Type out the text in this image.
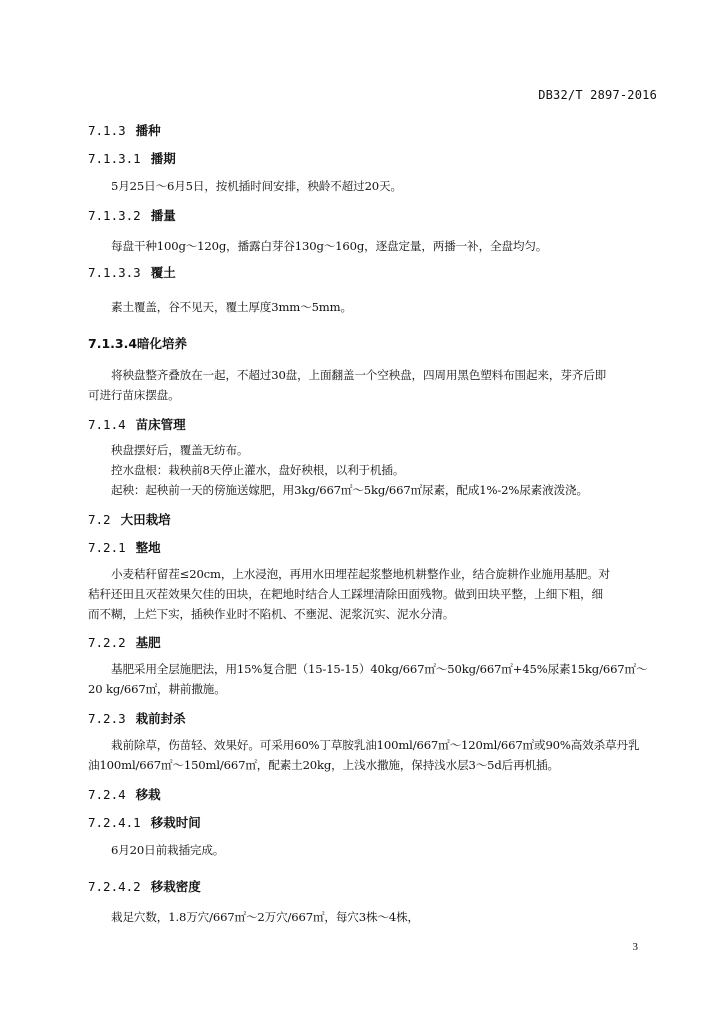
DB32/T 2897-2016
7.1.3 播种
7.1.3.1 播期
5月25日～6月5日，按机插时间安排，秧龄不超过20天。
7.1.3.2 播量
每盘干种100g～120g，播露白芽谷130g～160g，逐盘定量，两播一补，全盘均匀。
7.1.3.3 覆土
素土覆盖，谷不见天，覆土厚度3mm～5mm。
7.1.3.4暗化培养
将秧盘整齐叠放在一起，不超过30盘，上面翻盖一个空秧盘，四周用黑色塑料布围起来，芽齐后即
可进行苗床摆盘。
7.1.4 苗床管理
秧盘摆好后，覆盖无纺布。
控水盘根：栽秧前8天停止灌水，盘好秧根，以利于机插。
起秧：起秧前一天的傍施送嫁肥，用3kg/667㎡～5kg/667㎡尿素，配成1%-2%尿素液泼浇。
7.2 大田栽培
7.2.1 整地
小麦秸秆留茬≤20cm，上水浸泡，再用水田埋茬起浆整地机耕整作业，结合旋耕作业施用基肥。对
秸秆还田且灭茬效果欠佳的田块，在耙地时结合人工踩埋清除田面残物。做到田块平整，上细下粗，细
而不糊，上烂下实，插秧作业时不陷机、不壅泥、泥浆沉实、泥水分清。
7.2.2 基肥
基肥采用全层施肥法，用15%复合肥（15-15-15）40kg/667㎡～50kg/667㎡+45%尿素15kg/667㎡～
20 kg/667㎡，耕前撒施。
7.2.3 栽前封杀
栽前除草，伤苗轻、效果好。可采用60%丁草胺乳油100ml/667㎡～120ml/667㎡或90%高效杀草丹乳
油100ml/667㎡～150ml/667㎡，配素土20kg，上浅水撒施，保持浅水层3～5d后再机插。
7.2.4 移栽
7.2.4.1 移栽时间
6月20日前栽插完成。
7.2.4.2 移栽密度
栽足穴数，1.8万穴/667㎡～2万穴/667㎡，每穴3株～4株，
3
